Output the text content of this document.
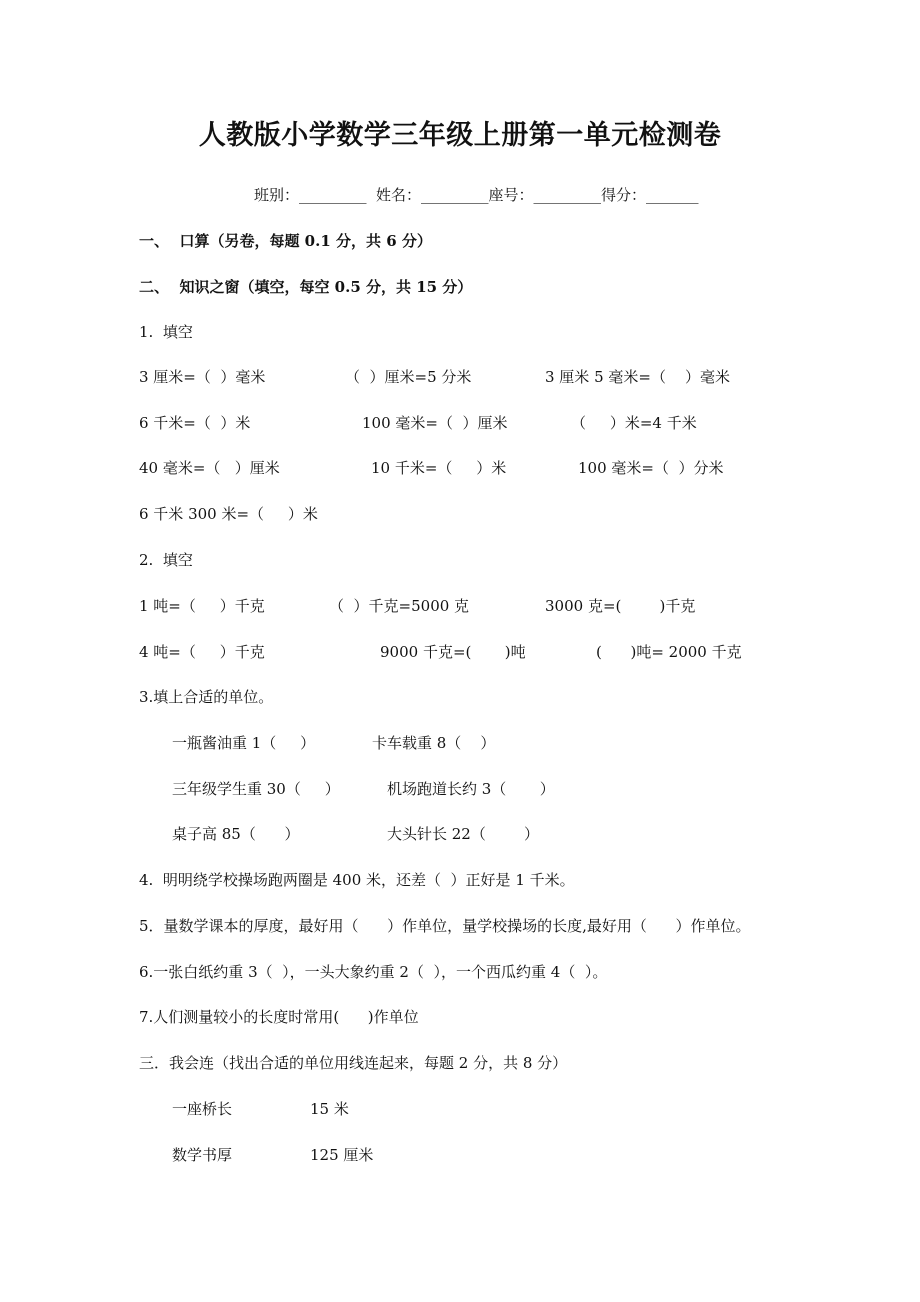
人教版小学数学三年级上册第一单元检测卷
班别：_________  姓名：_________座号：_________得分：_______
一、  口算（另卷，每题 0.1 分，共 6 分）
二、  知识之窗（填空，每空 0.5 分，共 15 分）
1.  填空
3 厘米=（  ）毫米	（  ）厘米=5 分米	3 厘米 5 毫米=（    ）毫米
6 千米=（  ）米	100 毫米=（  ）厘米	（     ）米=4 千米
40 毫米=（   ）厘米	10 千米=（     ）米	100 毫米=（  ）分米
6 千米 300 米=（     ）米
2.  填空
1 吨=（     ）千克	（  ）千克=5000 克	3000 克=(        )千克
4 吨=（     ）千克	9000 千克=(       )吨	(      )吨= 2000 千克
3.填上合适的单位。
一瓶酱油重 1（     ）	卡车载重 8（    ）
三年级学生重 30（     ）	机场跑道长约 3（       ）
桌子高 85（      ）	大头针长 22（        ）
4.  明明绕学校操场跑两圈是 400 米，还差（  ）正好是 1 千米。
5．量数学课本的厚度，最好用（      ）作单位，量学校操场的长度,最好用（      ）作单位。
6.一张白纸约重 3（  ），一头大象约重 2（  ），一个西瓜约重 4（  ）。
7.人们测量较小的长度时常用(      )作单位
三．我会连（找出合适的单位用线连起来，每题 2 分，共 8 分）
一座桥长	15 米
数学书厚	125 厘米
